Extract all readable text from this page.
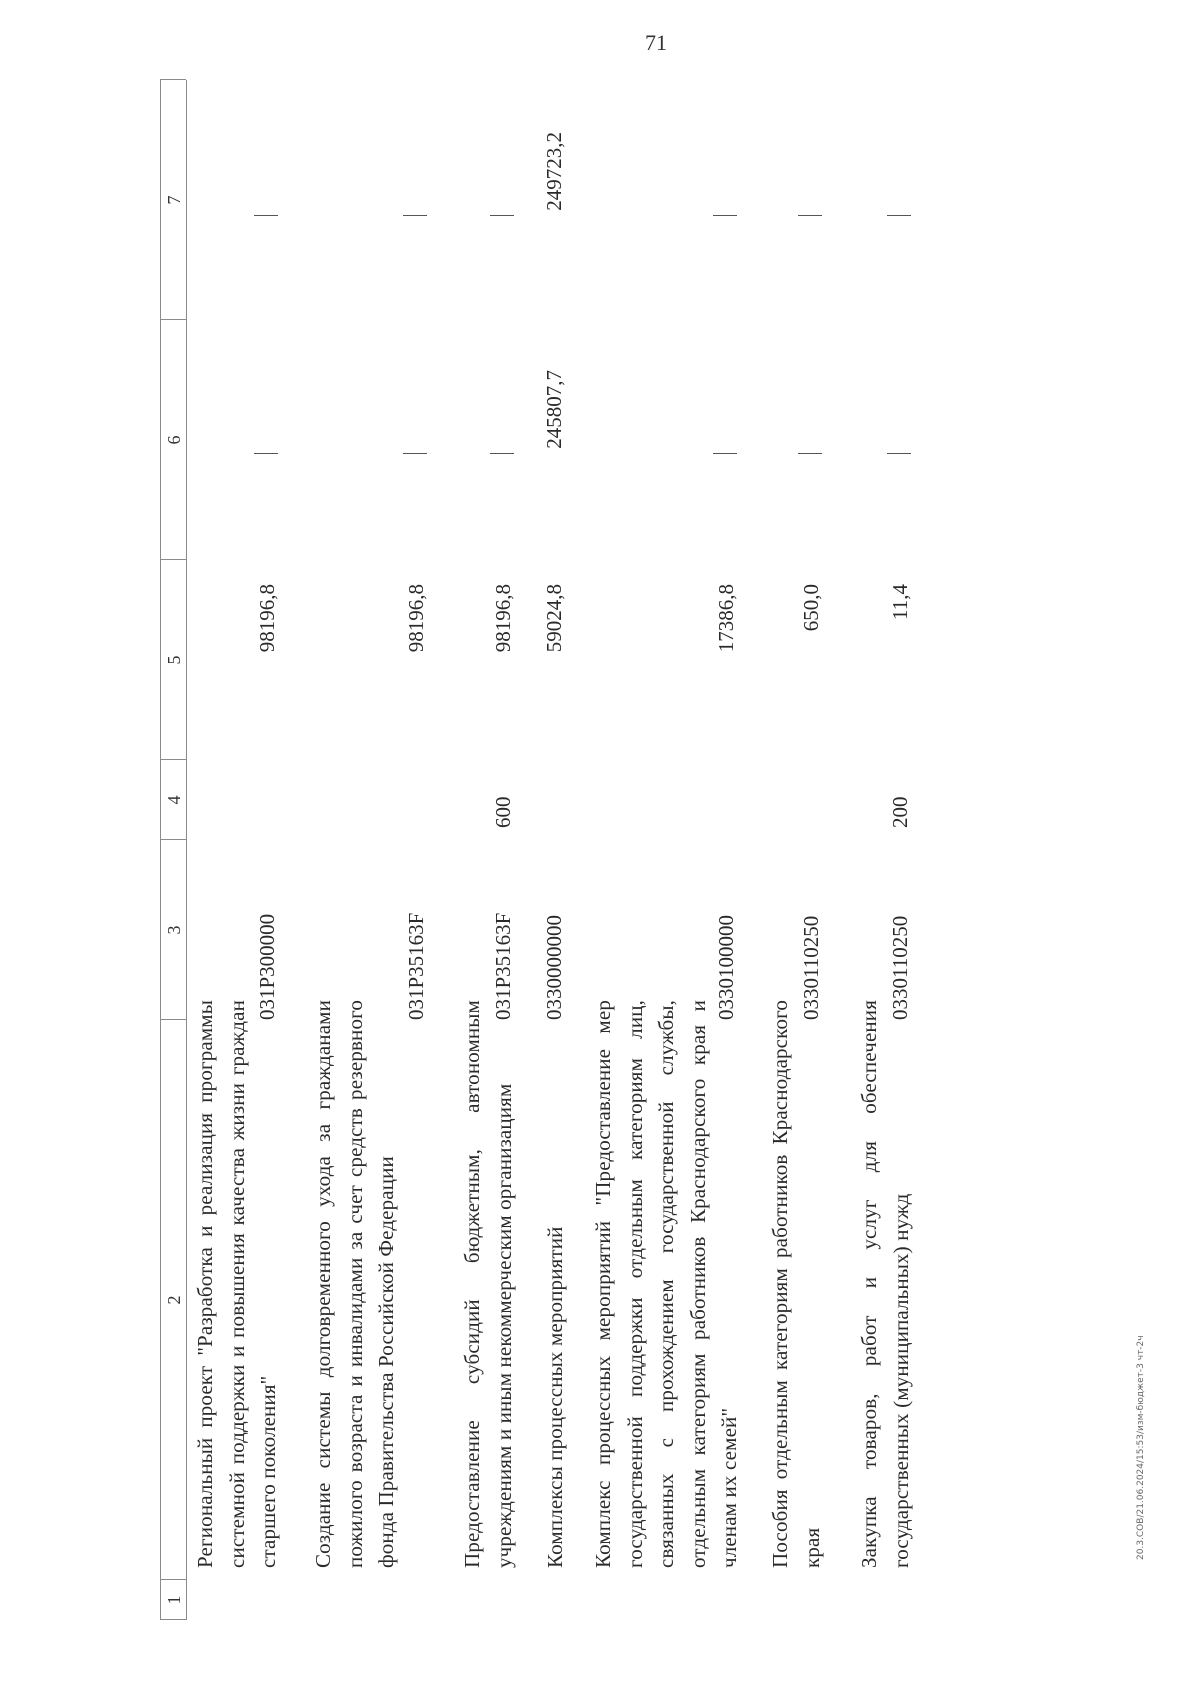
71
1
2
3
4
5
6
7
Региональный проект "Разработка и реализация программы системной поддержки и повышения качества жизни граждан старшего поколения"
031Р300000
98196,8
Создание системы долговременного ухода за гражданами пожилого возраста и инвалидами за счет средств резервного фонда Правительства Российской Федерации
031Р35163F
98196,8
Предоставление субсидий бюджетным, автономным учреждениям и иным некоммерческим организациям
031Р35163F
600
98196,8
Комплексы процессных мероприятий
0330000000
59024,8
245807,7
249723,2
Комплекс процессных мероприятий "Предоставление мер государственной поддержки отдельным категориям лиц, связанных с прохождением государственной службы, отдельным категориям работников Краснодарского края и членам их семей"
0330100000
17386,8
Пособия отдельным категориям работников Краснодарского края
0330110250
650,0
Закупка товаров, работ и услуг для обеспечения государственных (муниципальных) нужд
0330110250
200
11,4
20.3.СОВ/21.06.2024/15:53/изм-бюджет-3 чт-2ч
